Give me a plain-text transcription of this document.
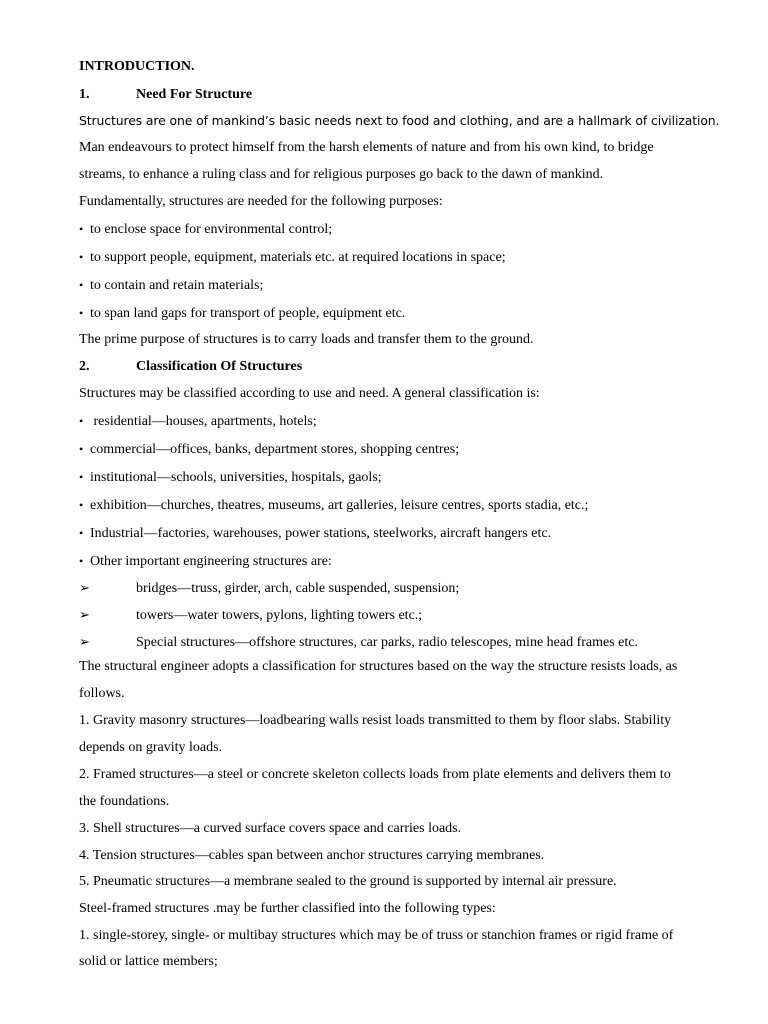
INTRODUCTION.
1.	Need For Structure
Structures are one of mankind’s basic needs next to food and clothing, and are a hallmark of civilization.
Man endeavours to protect himself from the harsh elements of nature and from his own kind, to bridge
streams, to enhance a ruling class and for religious purposes go back to the dawn of mankind.
Fundamentally, structures are needed for the following purposes:
• to enclose space for environmental control;
• to support people, equipment, materials etc. at required locations in space;
• to contain and retain materials;
• to span land gaps for transport of people, equipment etc.
The prime purpose of structures is to carry loads and transfer them to the ground.
2.	Classification Of Structures
Structures may be classified according to use and need. A general classification is:
• residential—houses, apartments, hotels;
• commercial—offices, banks, department stores, shopping centres;
• institutional—schools, universities, hospitals, gaols;
• exhibition—churches, theatres, museums, art galleries, leisure centres, sports stadia, etc.;
• Industrial—factories, warehouses, power stations, steelworks, aircraft hangers etc.
• Other important engineering structures are:
➢	bridges—truss, girder, arch, cable suspended, suspension;
➢	towers—water towers, pylons, lighting towers etc.;
➢	Special structures—offshore structures, car parks, radio telescopes, mine head frames etc.
The structural engineer adopts a classification for structures based on the way the structure resists loads, as
follows.
1. Gravity masonry structures—loadbearing walls resist loads transmitted to them by floor slabs. Stability
depends on gravity loads.
2. Framed structures—a steel or concrete skeleton collects loads from plate elements and delivers them to
the foundations.
3. Shell structures—a curved surface covers space and carries loads.
4. Tension structures—cables span between anchor structures carrying membranes.
5. Pneumatic structures—a membrane sealed to the ground is supported by internal air pressure.
Steel-framed structures .may be further classified into the following types:
1. single-storey, single- or multibay structures which may be of truss or stanchion frames or rigid frame of
solid or lattice members;
